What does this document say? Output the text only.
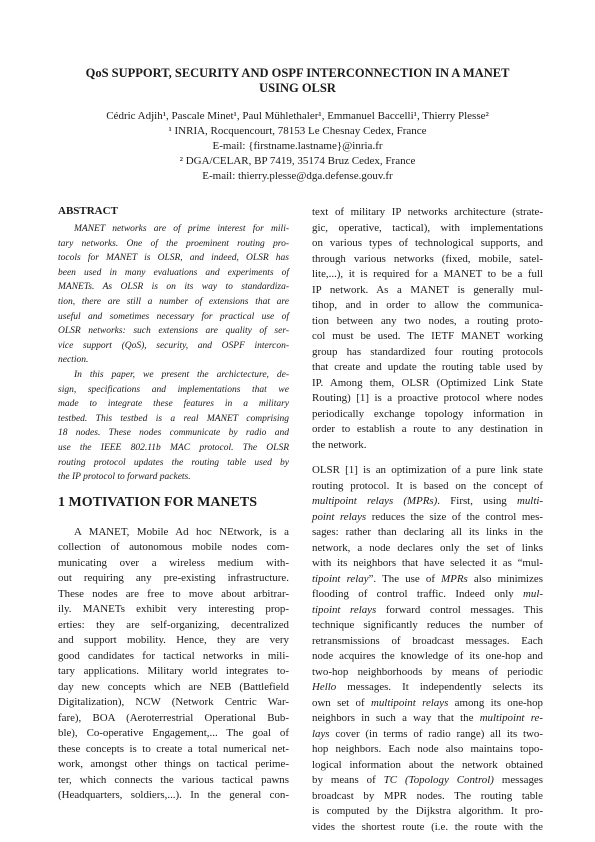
QoS SUPPORT, SECURITY AND OSPF INTERCONNECTION IN A MANET
USING OLSR
Cédric Adjih¹, Pascale Minet¹, Paul Mühlethaler¹, Emmanuel Baccelli¹, Thierry Plesse²
¹ INRIA, Rocquencourt, 78153 Le Chesnay Cedex, France
E-mail: {firstname.lastname}@inria.fr
² DGA/CELAR, BP 7419, 35174 Bruz Cedex, France
E-mail: thierry.plesse@dga.defense.gouv.fr
ABSTRACT
MANET networks are of prime interest for mili-
tary networks. One of the proeminent routing pro-
tocols for MANET is OLSR, and indeed, OLSR has
been used in many evaluations and experiments of
MANETs. As OLSR is on its way to standardiza-
tion, there are still a number of extensions that are
useful and sometimes necessary for practical use of
OLSR networks: such extensions are quality of ser-
vice support (QoS), security, and OSPF intercon-
nection.
In this paper, we present the archictecture, de-
sign, specifications and implementations that we
made to integrate these features in a military
testbed. This testbed is a real MANET comprising
18 nodes. These nodes communicate by radio and
use the IEEE 802.11b MAC protocol. The OLSR
routing protocol updates the routing table used by
the IP protocol to forward packets.
1 MOTIVATION FOR MANETS
A MANET, Mobile Ad hoc NEtwork, is a
collection of autonomous mobile nodes com-
municating over a wireless medium with-
out requiring any pre-existing infrastructure.
These nodes are free to move about arbitrar-
ily. MANETs exhibit very interesting prop-
erties: they are self-organizing, decentralized
and support mobility. Hence, they are very
good candidates for tactical networks in mili-
tary applications. Military world integrates to-
day new concepts which are NEB (Battlefield
Digitalization), NCW (Network Centric War-
fare), BOA (Aeroterrestrial Operational Bub-
ble), Co-operative Engagement,... The goal of
these concepts is to create a total numerical net-
work, amongst other things on tactical perime-
ter, which connects the various tactical pawns
(Headquarters, soldiers,...). In the general con-
text of military IP networks architecture (strate-
gic, operative, tactical), with implementations
on various types of technological supports, and
through various networks (fixed, mobile, satel-
lite,...), it is required for a MANET to be a full
IP network. As a MANET is generally mul-
tihop, and in order to allow the communica-
tion between any two nodes, a routing proto-
col must be used. The IETF MANET working
group has standardized four routing protocols
that create and update the routing table used by
IP. Among them, OLSR (Optimized Link State
Routing) [1] is a proactive protocol where nodes
periodically exchange topology information in
order to establish a route to any destination in
the network.
OLSR [1] is an optimization of a pure link state
routing protocol. It is based on the concept of
multipoint relays (MPRs). First, using multi-
point relays reduces the size of the control mes-
sages: rather than declaring all its links in the
network, a node declares only the set of links
with its neighbors that have selected it as “mul-
tipoint relay”. The use of MPRs also minimizes
flooding of control traffic. Indeed only mul-
tipoint relays forward control messages. This
technique significantly reduces the number of
retransmissions of broadcast messages. Each
node acquires the knowledge of its one-hop and
two-hop neighborhoods by means of periodic
Hello messages. It independently selects its
own set of multipoint relays among its one-hop
neighbors in such a way that the multipoint re-
lays cover (in terms of radio range) all its two-
hop neighbors. Each node also maintains topo-
logical information about the network obtained
by means of TC (Topology Control) messages
broadcast by MPR nodes. The routing table
is computed by the Dijkstra algorithm. It pro-
vides the shortest route (i.e. the route with the
